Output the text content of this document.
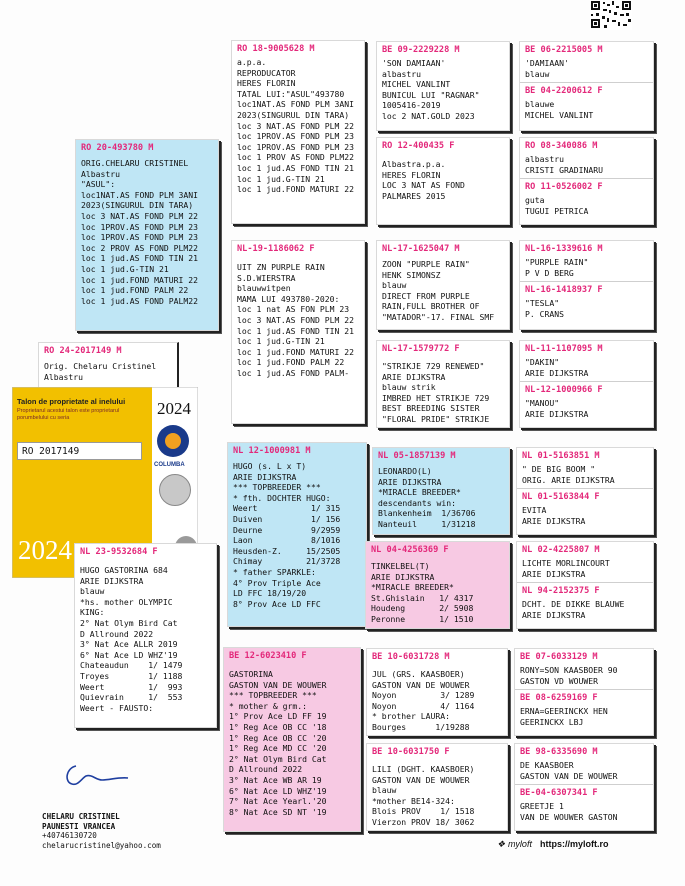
RO 18-9005628 M
a.p.a.
REPRODUCATOR
HERES FLORIN
TATAL LUI:"ASUL"493780
loc1NAT.AS FOND PLM 3ANI
2023(SINGURUL DIN TARA)
loc 3 NAT.AS FOND PLM 22
loc 1PROV.AS FOND PLM 23
loc 1PROV.AS FOND PLM 23
loc 1 PROV AS FOND PLM22
loc 1 jud.AS FOND TIN 21
loc 1 jud.G-TIN 21
loc 1 jud.FOND MATURI 22
BE 09-2229228 M
'SON DAMIAAN'
albastru
MICHEL VANLINT
BUNICUL LUI "RAGNAR"
1005416-2019
loc 2 NAT.GOLD 2023
BE 06-2215005 M
'DAMIAAN'
blauw
BE 04-2200612 F
blauwe
MICHEL VANLINT
RO 12-400435 F
Albastra.p.a.
HERES FLORIN
LOC 3 NAT AS FOND
PALMARES 2015
RO 08-340086 M
albastru
CRISTI GRADINARU
RO 11-0526002 F
guta
TUGUI PETRICA
RO 20-493780 M
ORIG.CHELARU CRISTINEL
Albastru
"ASUL":
loc1NAT.AS FOND PLM 3ANI
2023(SINGURUL DIN TARA)
loc 3 NAT.AS FOND PLM 22
loc 1PROV.AS FOND PLM 23
loc 1PROV.AS FOND PLM 23
loc 2 PROV AS FOND PLM22
loc 1 jud.AS FOND TIN 21
loc 1 jud.G-TIN 21
loc 1 jud.FOND MATURI 22
loc 1 jud.FOND PALM 22
loc 1 jud.AS FOND PALM22
NL-19-1186062 F
UIT ZN PURPLE RAIN
S.D.WIERSTRA
blauwwitpen
MAMA LUI 493780-2020:
loc 1 nat AS FON PLM 23
loc 3 NAT.AS FOND PLM 22
loc 1 jud.AS FOND TIN 21
loc 1 jud.G-TIN 21
loc 1 jud.FOND MATURI 22
loc 1 jud.FOND PALM 22
loc 1 jud.AS FOND PALM-
NL-17-1625047 M
ZOON "PURPLE RAIN"
HENK SIMONSZ
blauw
DIRECT FROM PURPLE
RAIN,FULL BROTHER OF
"MATADOR"-17. FINAL SMF
NL-16-1339616 M
"PURPLE RAIN"
P V D BERG
NL-16-1418937 F
"TESLA"
P. CRANS
NL-17-1579772 F
"STRIKJE 729 RENEWED"
ARIE DIJKSTRA
blauw strik
IMBRED HET STRIKJE 729
BEST BREEDING SISTER
"FLORAL PRIDE" STRIKJE
NL-11-1107095 M
"DAKIN"
ARIE DIJKSTRA
NL-12-1000966 F
"MANOU"
ARIE DIJKSTRA
RO 24-2017149 M
Orig. Chelaru Cristinel
Albastru
Talon de proprietate al inelului
Proprietarul acestui talon este proprietarul porumbelului cu seria	2024
RO 2017149
COLUMBA
2024
NL 12-1000981 M
HUGO (s. L x T)
ARIE DIJKSTRA
*** TOPBREEDER ***
* fth. DOCHTER HUGO:
Weert           1/ 315
Duiven          1/ 156
Deurne          9/2959
Laon            8/1016
Heusden-Z.     15/2505
Chimay         21/3728
* father SPARKLE:
4° Prov Triple Ace
LD FFC 18/19/20
8° Prov Ace LD FFC
NL 05-1857139 M
LEONARDO(L)
ARIE DIJKSTRA
*MIRACLE BREEDER*
descendants win:
Blankenheim  1/36706
Nanteuil     1/31218
NL 01-5163851 M
" DE BIG BOOM "
ORIG. ARIE DIJKSTRA
NL 01-5163844 F
EVITA
ARIE DIJKSTRA
NL 04-4256369 F
TINKELBEL(T)
ARIE DIJKSTRA
*MIRACLE BREEDER*
St.Ghislain   1/ 4317
Houdeng       2/ 5908
Peronne       1/ 1510
NL 02-4225807 M
LICHTE MORLINCOURT
ARIE DIJKSTRA
NL 94-2152375 F
DCHT. DE DIKKE BLAUWE
ARIE DIJKSTRA
NL 23-9532684 F
HUGO GASTORINA 684
ARIE DIJKSTRA
blauw
*hs. mother OLYMPIC
KING:
2° Nat Olym Bird Cat
D Allround 2022
3° Nat Ace ALLR 2019
6° Nat Ace LD WHZ'19
Chateaudun    1/ 1479
Troyes        1/ 1188
Weert         1/  993
Quievrain     1/  553
Weert - FAUSTO:
BE 12-6023410 F
GASTORINA
GASTON VAN DE WOUWER
*** TOPBREEDER ***
* mother & grm.:
1° Prov Ace LD FF 19
1° Reg Ace OB CC '18
1° Reg Ace OB CC '20
1° Reg Ace MD CC '20
2° Nat Olym Bird Cat
D Allround 2022
3° Nat Ace WB AR 19
6° Nat Ace LD WHZ'19
7° Nat Ace Yearl.'20
8° Nat Ace SD NT '19
BE 10-6031728 M
JUL (GRS. KAASBOER)
GASTON VAN DE WOUWER
Noyon         3/ 1289
Noyon         4/ 1164
* brother LAURA:
Bourges      1/19288
BE 07-6033129 M
RONY=SON KAASBOER 90
GASTON VD WOUWER
BE 08-6259169 F
ERNA=GEERINCKX HEN
GEERINCKX LBJ
BE 10-6031750 F
LILI (DGHT. KAASBOER)
GASTON VAN DE WOUWER
blauw
*mother BE14-324:
Blois PROV    1/ 1518
Vierzon PROV 18/ 3062
BE 98-6335690 M
DE KAASBOER
GASTON VAN DE WOUWER
BE-04-6307341 F
GREETJE 1
VAN DE WOUWER GASTON
CHELARU CRISTINEL
PAUNESTI VRANCEA
+40746130720
chelarucristinel@yahoo.com	❖ myloft https://myloft.ro
